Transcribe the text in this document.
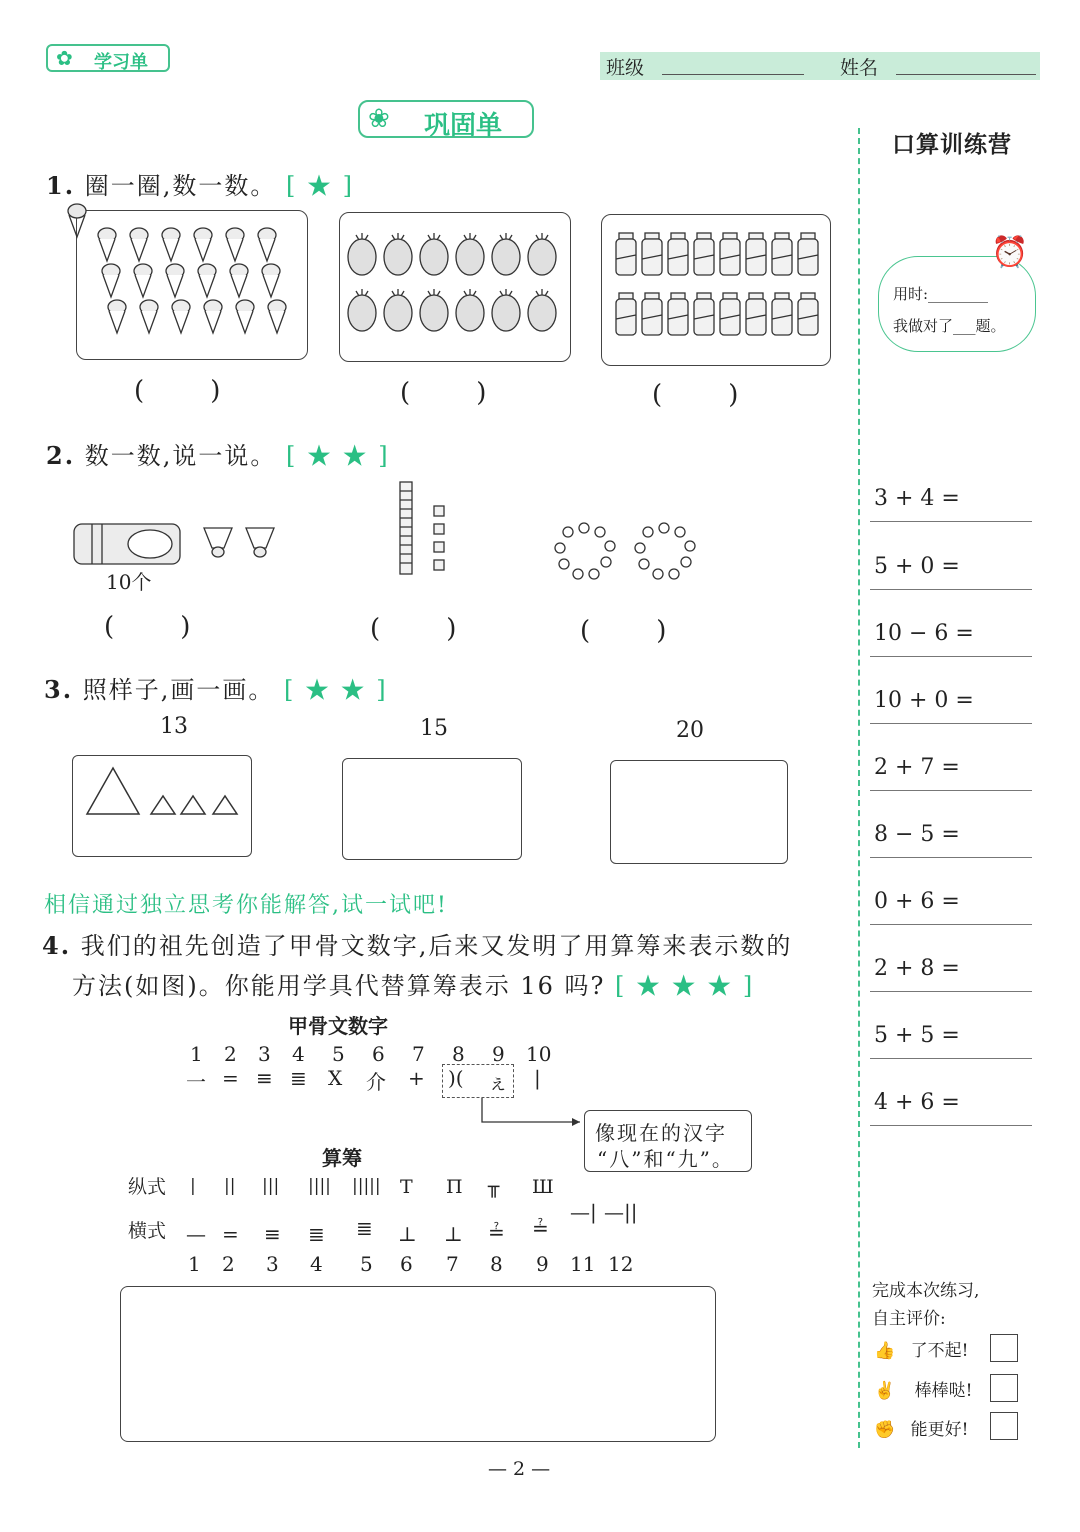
✿ 学习单	班级	姓名
❀ 巩固单
口算训练营
⏰
用时:________
我做对了___题。
3 + 4 =
5 + 0 =
10 − 6 =
10 + 0 =
2 + 7 =
8 − 5 =
0 + 6 =
2 + 8 =
5 + 5 =
4 + 6 =
完成本次练习,
自主评价:
👍 了不起!
✌ 棒棒哒!
✊ 能更好!
1. 圈一圈,数一数。 [ ★ ]
(        )	(        )	(        )
2. 数一数,说一说。 [ ★ ★ ]
10个
(        )	(        )	(        )
3. 照样子,画一画。 [ ★ ★ ]
13	15	20
相信通过独立思考你能解答,试一试吧!
4. 我们的祖先创造了甲骨文数字,后来又发明了用算筹来表示数的
方法(如图)。你能用学具代替算筹表示 16 吗? [ ★ ★ ★ ]
甲骨文数字
1 2 3 4 5 6 7 8 9 10
一 = ≡ ≣ X 介 + )( ぇ |
像现在的汉字
“八”和“九”。
算筹
纵式
横式
| || ||| |||| ||||| T Π ╥ Ш
— = ≡ ≣ ≣ ⊥ ⊥ ≟ ≟
—| —||
1 2 3 4 5 6 7 8 9 11 12
— 2 —
